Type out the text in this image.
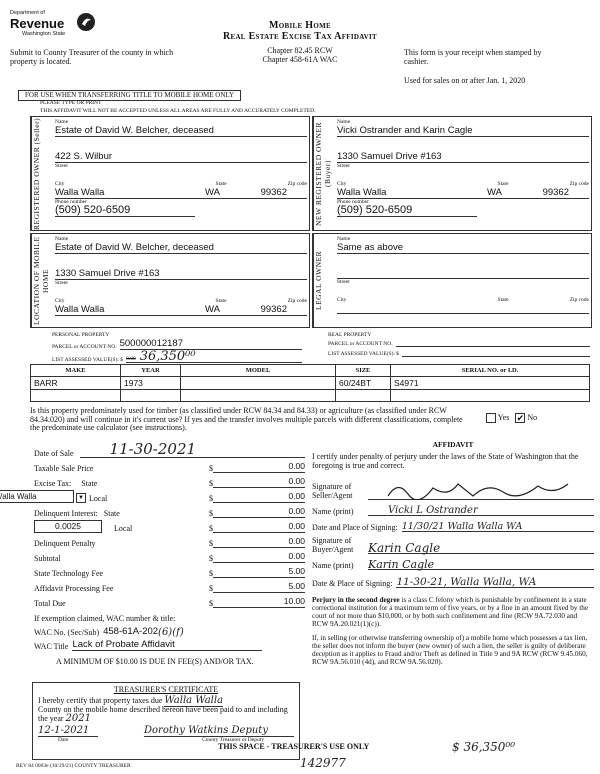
Department of
Revenue
Washington State
Submit to County Treasurer of the county in which property is located.
Mobile Home
Real Estate Excise Tax Affidavit
Chapter 82.45 RCW
Chapter 458-61A WAC
This form is your receipt when stamped by cashier.
Used for sales on or after Jan. 1, 2020
FOR USE WHEN TRANSFERRING TITLE TO MOBILE HOME ONLY
PLEASE TYPE OR PRINT
THIS AFFIDAVIT WILL NOT BE ACCEPTED UNLESS ALL AREAS ARE FULLY AND ACCURATELY COMPLETED.
REGISTERED OWNER (Seller)	Name
Estate of David W. Belcher, deceased
422 S. Wilbur
Street
City	State	Zip code
Walla Walla	WA	99362
Phone number
(509) 520-6509	NEW REGISTERED OWNER (Buyer)
Name
Vicki Ostrander and Karin Cagle
1330 Samuel Drive #163
Street
City	State	Zip code
Walla Walla	WA	99362
Phone number
(509) 520-6509
LOCATION OF MOBILE HOME
Name
Estate of David W. Belcher, deceased
1330 Samuel Drive #163
Street
City	State	Zip code
Walla Walla	WA	99362	LEGAL OWNER
Name
Same as above
Street
City	State	Zip code
PERSONAL PROPERTY
PARCEL or ACCOUNT NO. 500000012187
LIST ASSESSED VALUE(S): $ 0.00 36,350⁰⁰
REAL PROPERTY
PARCEL or ACCOUNT NO.
LIST ASSESSED VALUE(S): $
MAKE	YEAR	MODEL	SIZE	SERIAL NO. or I.D.
BARR	1973		60/24BT	S4971

Is this property predominately used for timber (as classified under RCW 84.34 and 84.33) or agriculture (as classified under RCW 84.34.020) and will continue in it's current use? If yes and the transfer involves multiple parcels with different classifications, complete the predominate use calculator (see instructions).
Yes ✔ No
Date of Sale	11-30-2021
Taxable Sale Price	$	0.00
Excise Tax: State	$	0.00
/alla Walla	▼ Local	$	0.00
Delinquent Interest: State	$	0.00
0.0025	Local	$	0.00
Delinquent Penalty	$	0.00
Subtotal	$	0.00
State Technology Fee	$	5.00
Affidavit Processing Fee	$	5.00
Total Due	$	10.00
If exemption claimed, WAC number & title:
WAC No. (Sec/Sub) 458-61A-202 (6)(f)
WAC Title Lack of Probate Affidavit
A MINIMUM OF $10.00 IS DUE IN FEE(S) AND/OR TAX.
TREASURER'S CERTIFICATE
I hereby certify that property taxes due Walla Walla
County on the mobile home described hereon have been paid to and including the year 2021
12-1-2021	Dorothy Watkins Deputy
Date	County Treasurer or Deputy
AFFIDAVIT
I certify under penalty of perjury under the laws of the State of Washington that the foregoing is true and correct.
Signature of Seller/Agent
Name (print)	Vicki L Ostrander
Date and Place of Signing: 11/30/21 Walla Walla WA
Signature of Buyer/Agent	Karin Cagle
Name (print)	Karin Cagle
Date & Place of Signing: 11-30-21, Walla Walla, WA
Perjury in the second degree is a class C felony which is punishable by confinement in a state correctional institution for a maximum term of five years, or by a fine in an amount fixed by the court of not more than $10,000, or by both such confinement and fine (RCW 9A.72.030 and RCW 9A.20.021(1)(c)).
If, in selling (or otherwise transferring ownership of) a mobile home which possesses a tax lien, the seller does not inform the buyer (new owner) of such a lien, the seller is guilty of deliberate deception as it applies to Fraud and/or Theft as defined in Title 9 and 9A RCW (RCW 9.45.060, RCW 9A.56.010 (4d), and RCW 9A.56.020).
REV 84 0003e (10/29/21) COUNTY TREASURER
THIS SPACE - TREASURER'S USE ONLY	$ 36,350⁰⁰
142977
